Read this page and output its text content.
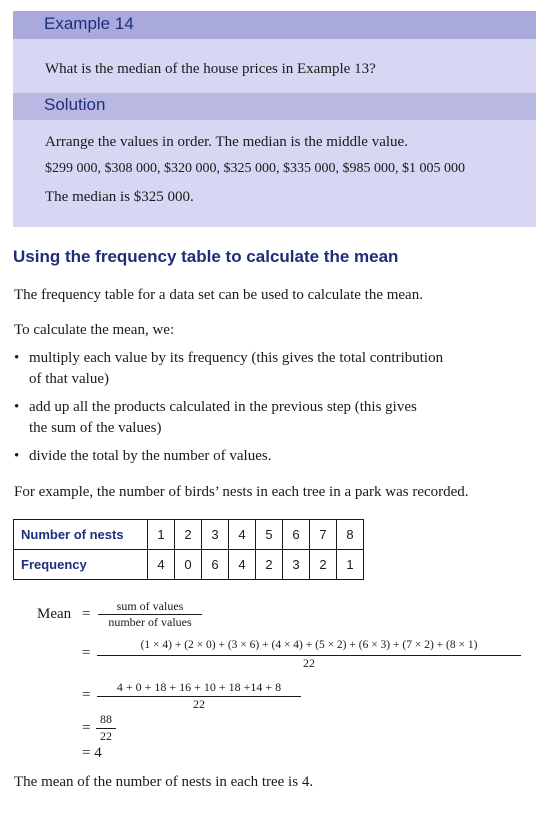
Example 14
What is the median of the house prices in Example 13?
Solution
Arrange the values in order. The median is the middle value.
$299 000, $308 000, $320 000, $325 000, $335 000, $985 000, $1 005 000
The median is $325 000.
Using the frequency table to calculate the mean
The frequency table for a data set can be used to calculate the mean.
To calculate the mean, we:
• multiply each value by its frequency (this gives the total contribution
of that value)
• add up all the products calculated in the previous step (this gives
the sum of the values)
• divide the total by the number of values.
For example, the number of birds’ nests in each tree in a park was recorded.
Number of nests	1	2	3	4	5	6	7	8
Frequency	4	0	6	4	2	3	2	1
Mean =	sum of values
number of values
=	(1 × 4) + (2 × 0) + (3 × 6) + (4 × 4) + (5 × 2) + (6 × 3) + (7 × 2) + (8 × 1)
22
=	4 + 0 + 18 + 16 + 10 + 18 +14 + 8
22
=
88
22
= 4
The mean of the number of nests in each tree is 4.
